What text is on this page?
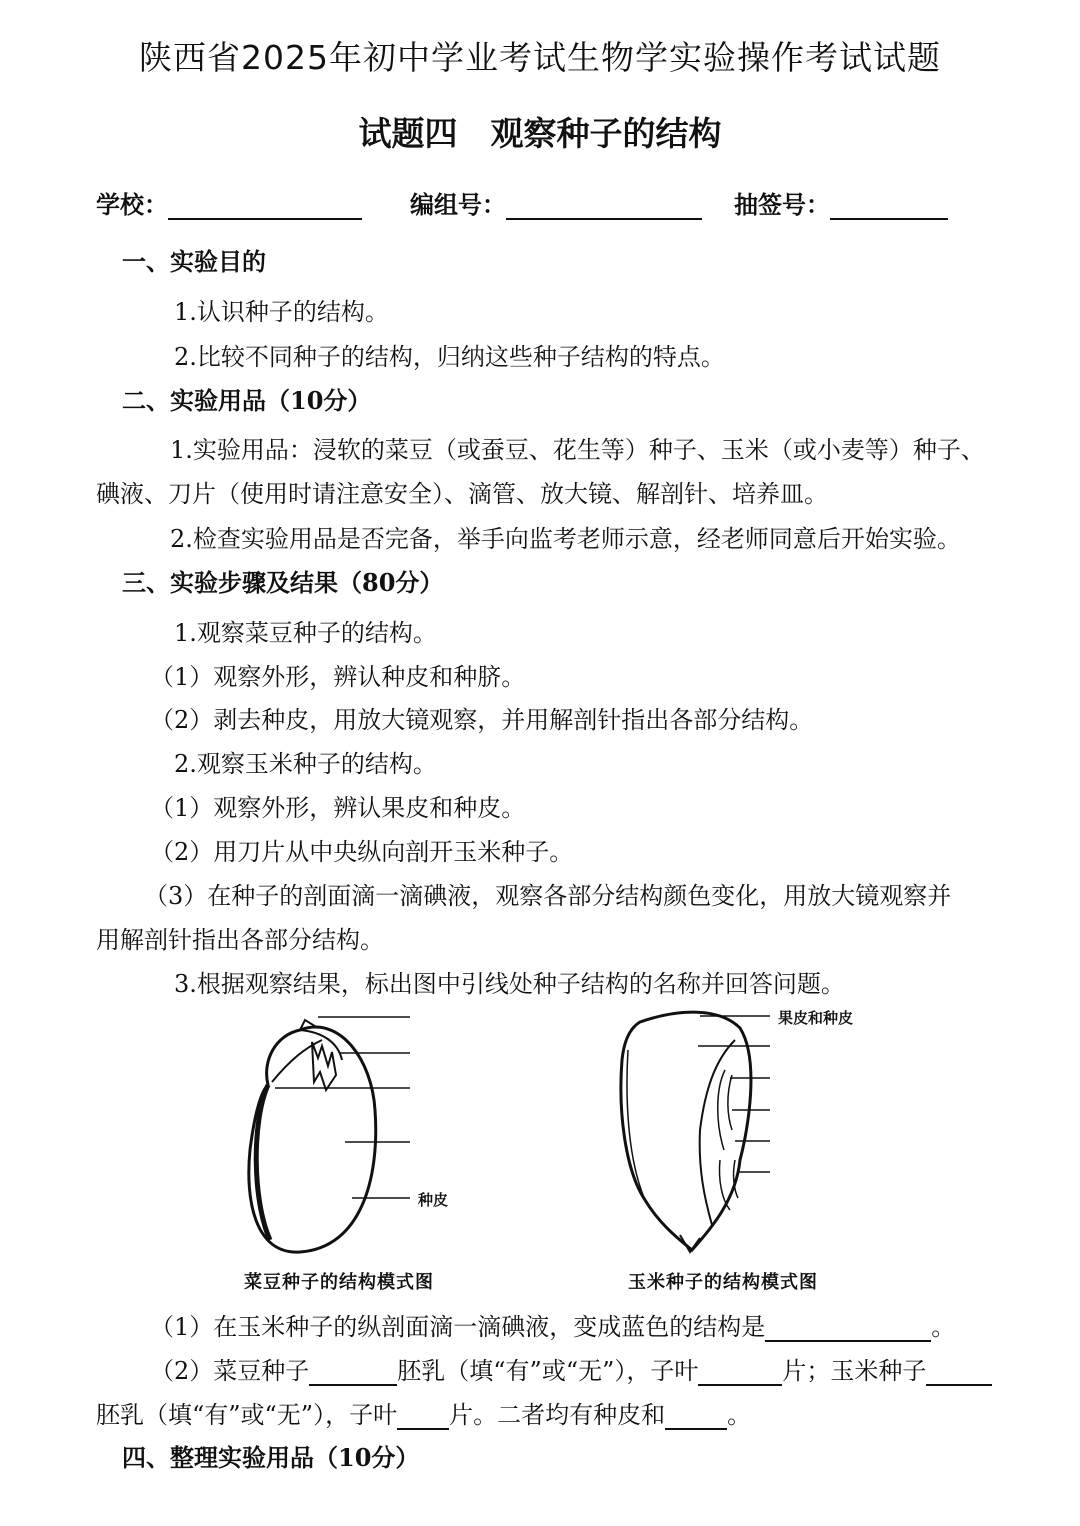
陕西省2025年初中学业考试生物学实验操作考试试题
试题四　观察种子的结构
学校：	编组号：	抽签号：
一、实验目的
1.认识种子的结构。
2.比较不同种子的结构，归纳这些种子结构的特点。
二、实验用品（10分）
1.实验用品：浸软的菜豆（或蚕豆、花生等）种子、玉米（或小麦等）种子、
碘液、刀片（使用时请注意安全）、滴管、放大镜、解剖针、培养皿。
2.检查实验用品是否完备，举手向监考老师示意，经老师同意后开始实验。
三、实验步骤及结果（80分）
1.观察菜豆种子的结构。
（1）观察外形，辨认种皮和种脐。
（2）剥去种皮，用放大镜观察，并用解剖针指出各部分结构。
2.观察玉米种子的结构。
（1）观察外形，辨认果皮和种皮。
（2）用刀片从中央纵向剖开玉米种子。
（3）在种子的剖面滴一滴碘液，观察各部分结构颜色变化，用放大镜观察并
用解剖针指出各部分结构。
3.根据观察结果，标出图中引线处种子结构的名称并回答问题。
种皮
果皮和种皮
菜豆种子的结构模式图	玉米种子的结构模式图
（1）在玉米种子的纵剖面滴一滴碘液，变成蓝色的结构是	。
（2）菜豆种子	胚乳（填“有”或“无”），子叶	片；玉米种子
胚乳（填“有”或“无”），子叶 片。二者均有种皮和	。
四、整理实验用品（10分）
